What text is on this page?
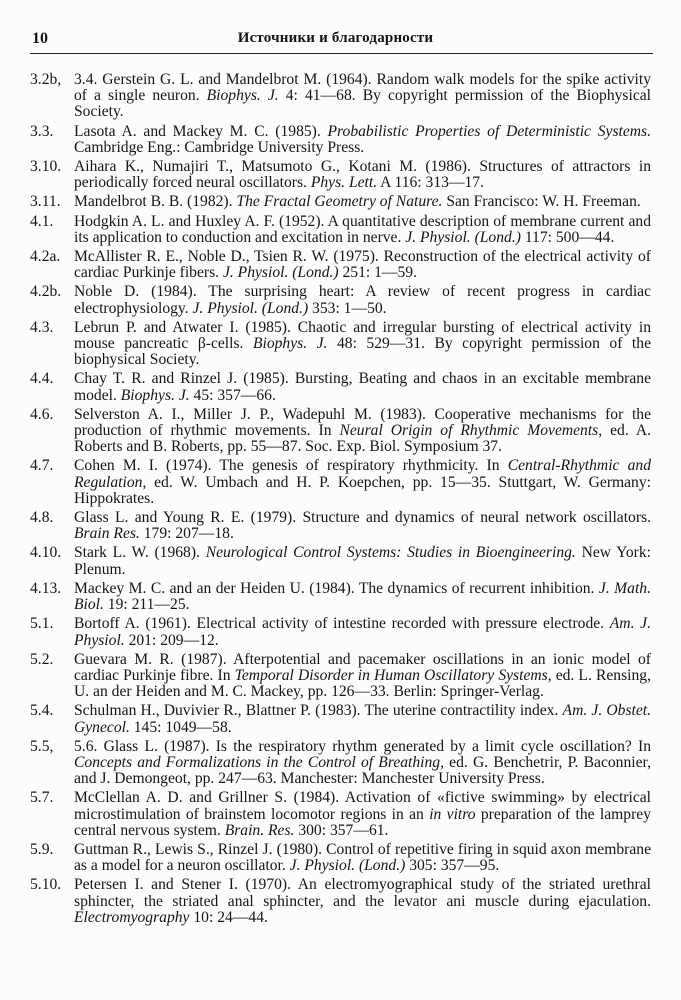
10	Источники и благодарности
3.2b, 3.4. Gerstein G. L. and Mandelbrot M. (1964). Random walk models for the spike activity of a single neuron. Biophys. J. 4: 41—68. By copyright permission of the Biophysical Society.
3.3.	Lasota A. and Mackey M. C. (1985). Probabilistic Properties of Deterministic Systems. Cambridge Eng.: Cambridge University Press.
3.10. Aihara K., Numajiri T., Matsumoto G., Kotani M. (1986). Structures of attractors in periodically forced neural oscillators. Phys. Lett. A 116: 313—17.
3.11. Mandelbrot B. B. (1982). The Fractal Geometry of Nature. San Francisco: W. H. Freeman.
4.1.	Hodgkin A. L. and Huxley A. F. (1952). A quantitative description of membrane current and its application to conduction and excitation in nerve. J. Physiol. (Lond.) 117: 500—44.
4.2a. McAllister R. E., Noble D., Tsien R. W. (1975). Reconstruction of the electrical activity of cardiac Purkinje fibers. J. Physiol. (Lond.) 251: 1—59.
4.2b. Noble D. (1984). The surprising heart: A review of recent progress in cardiac electrophysiology. J. Physiol. (Lond.) 353: 1—50.
4.3.	Lebrun P. and Atwater I. (1985). Chaotic and irregular bursting of electrical activity in mouse pancreatic β-cells. Biophys. J. 48: 529—31. By copyright permission of the biophysical Society.
4.4.	Chay T. R. and Rinzel J. (1985). Bursting, Beating and chaos in an excitable membrane model. Biophys. J. 45: 357—66.
4.6.	Selverston A. I., Miller J. P., Wadepuhl M. (1983). Cooperative mechanisms for the production of rhythmic movements. In Neural Origin of Rhythmic Movements, ed. A. Roberts and B. Roberts, pp. 55—87. Soc. Exp. Biol. Symposium 37.
4.7.	Cohen M. I. (1974). The genesis of respiratory rhythmicity. In Central-Rhythmic and Regulation, ed. W. Umbach and H. P. Koepchen, pp. 15—35. Stuttgart, W. Germany: Hippokrates.
4.8.	Glass L. and Young R. E. (1979). Structure and dynamics of neural network oscillators. Brain Res. 179: 207—18.
4.10. Stark L. W. (1968). Neurological Control Systems: Studies in Bioengineering. New York: Plenum.
4.13. Mackey M. C. and an der Heiden U. (1984). The dynamics of recurrent inhibition. J. Math. Biol. 19: 211—25.
5.1.	Bortoff A. (1961). Electrical activity of intestine recorded with pressure electrode. Am. J. Physiol. 201: 209—12.
5.2.	Guevara M. R. (1987). Afterpotential and pacemaker oscillations in an ionic model of cardiac Purkinje fibre. In Temporal Disorder in Human Oscillatory Systems, ed. L. Rensing, U. an der Heiden and M. C. Mackey, pp. 126—33. Berlin: Springer-Verlag.
5.4.	Schulman H., Duvivier R., Blattner P. (1983). The uterine contractility index. Am. J. Obstet. Gynecol. 145: 1049—58.
5.5,	5.6. Glass L. (1987). Is the respiratory rhythm generated by a limit cycle oscillation? In Concepts and Formalizations in the Control of Breathing, ed. G. Benchetrir, P. Baconnier, and J. Demongeot, pp. 247—63. Manchester: Manchester University Press.
5.7.	McClellan A. D. and Grillner S. (1984). Activation of «fictive swimming» by electrical microstimulation of brainstem locomotor regions in an in vitro preparation of the lamprey central nervous system. Brain. Res. 300: 357—61.
5.9.	Guttman R., Lewis S., Rinzel J. (1980). Control of repetitive firing in squid axon membrane as a model for a neuron oscillator. J. Physiol. (Lond.) 305: 357—95.
5.10. Petersen I. and Stener I. (1970). An electromyographical study of the striated urethral sphincter, the striated anal sphincter, and the levator ani muscle during ejaculation. Electromyography 10: 24—44.
